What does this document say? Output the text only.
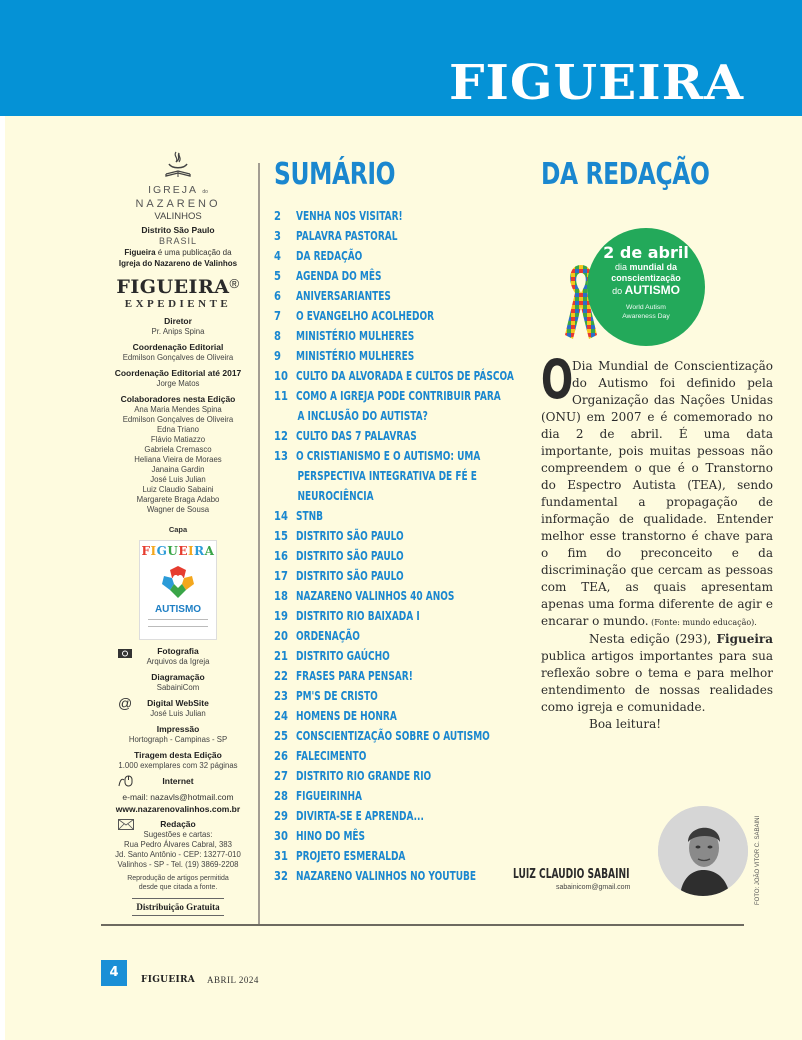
FIGUEIRA
IGREJA do
NAZARENO
VALINHOS
Distrito São Paulo
BRASIL
Figueira é uma publicação da
Igreja do Nazareno de Valinhos
FIGUEIRA®
EXPEDIENTE
Diretor
Pr. Anips Spina
Coordenação Editorial
Edmilson Gonçalves de Oliveira
Coordenação Editorial até 2017
Jorge Matos
Colaboradores nesta Edição
Ana Maria Mendes Spina
Edmilson Gonçalves de Oliveira
Edna Triano
Flávio Matiazzo
Gabriela Cremasco
Heliana Vieira de Moraes
Janaina Gardin
José Luis Julian
Luiz Claudio Sabaini
Margarete Braga Adabo
Wagner de Sousa
Capa
FIGUEIRA
AUTISMO
Fotografia
Arquivos da Igreja
Diagramação
SabainiCom
@	Digital WebSite
José Luis Julian
Impressão
Hortograph - Campinas - SP
Tiragem desta Edição
1.000 exemplares com 32 páginas
Internet
e-mail: nazavls@hotmail.com
www.nazarenovalinhos.com.br
Redação
Sugestões e cartas:
Rua Pedro Álvares Cabral, 383
Jd. Santo Antônio - CEP: 13277-010
Valinhos - SP - Tel. (19) 3869-2208
Reprodução de artigos permitida
desde que citada a fonte.
Distribuição Gratuita
SUMÁRIO
2	VENHA NOS VISITAR!
3	PALAVRA PASTORAL
4	DA REDAÇÃO
5	AGENDA DO MÊS
6	ANIVERSARIANTES
7	O EVANGELHO ACOLHEDOR
8	MINISTÉRIO MULHERES
9	MINISTÉRIO MULHERES
10 CULTO DA ALVORADA E CULTOS DE PÁSCOA
11 COMO A IGREJA PODE CONTRIBUIR PARA
A INCLUSÃO DO AUTISTA?
12 CULTO DAS 7 PALAVRAS
13 O CRISTIANISMO E O AUTISMO: UMA
PERSPECTIVA INTEGRATIVA DE FÉ E
NEUROCIÊNCIA
14 STNB
15 DISTRITO SÃO PAULO
16 DISTRITO SÃO PAULO
17 DISTRITO SÃO PAULO
18 NAZARENO VALINHOS 40 ANOS
19 DISTRITO RIO BAIXADA I
20 ORDENAÇÃO
21 DISTRITO GAÚCHO
22 FRASES PARA PENSAR!
23 PM'S DE CRISTO
24 HOMENS DE HONRA
25 CONSCIENTIZAÇÃO SOBRE O AUTISMO
26 FALECIMENTO
27 DISTRITO RIO GRANDE RIO
28 FIGUEIRINHA
29 DIVIRTA-SE E APRENDA...
30 HINO DO MÊS
31 PROJETO ESMERALDA
32 NAZARENO VALINHOS NO YOUTUBE
DA REDAÇÃO
2 de abril
dia mundial da
conscientização
do AUTISMO
World Autism
Awareness Day
O

Dia Mundial de Conscientização do Autismo foi definido pela Organização das Nações Unidas (ONU) em 2007 e é comemorado no dia 2 de abril. É uma data importante, pois muitas pessoas não compreendem o que é o Transtorno do Espectro Autista (TEA), sendo fundamental a propagação de informação de qualidade. Entender melhor esse transtorno é chave para o fim do preconceito e da discriminação que cercam as pessoas com TEA, as quais apresentam apenas uma forma diferente de agir e encarar o mundo. (Fonte: mundo educação).

Nesta edição (293), Figueira publica artigos importantes para sua reflexão sobre o tema e para melhor entendimento de nossas realidades como igreja e comunidade.

Boa leitura!

LUIZ CLAUDIO SABAINI
sabainicom@gmail.com	FOTO: JOÃO VITOR C. SABAINI
4	FIGUEIRA ABRIL 2024
